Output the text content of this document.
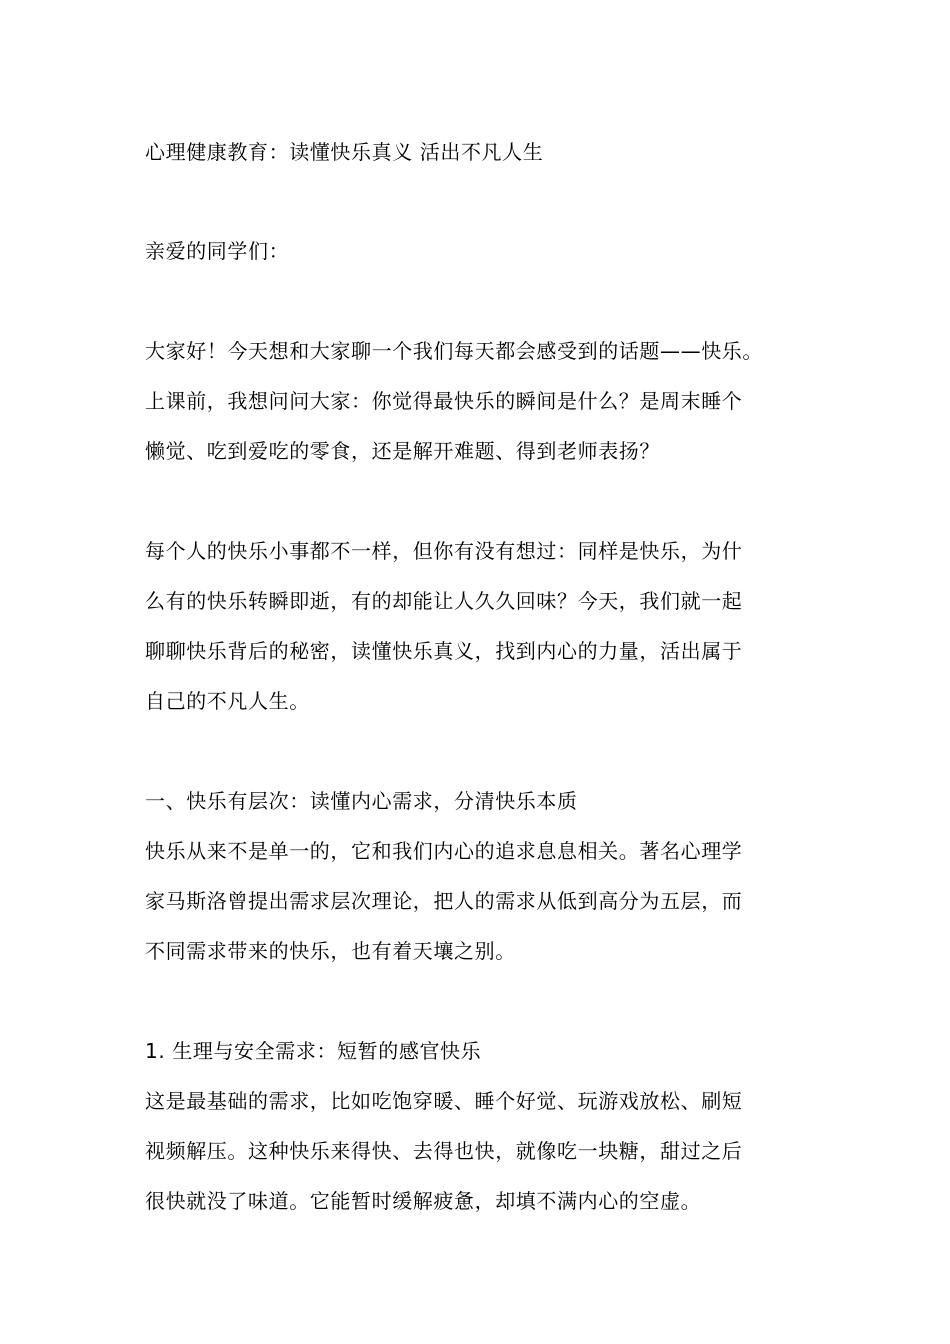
心理健康教育：读懂快乐真义 活出不凡人生
亲爱的同学们：
大家好！今天想和大家聊一个我们每天都会感受到的话题——快乐。
上课前，我想问问大家：你觉得最快乐的瞬间是什么？是周末睡个
懒觉、吃到爱吃的零食，还是解开难题、得到老师表扬？
每个人的快乐小事都不一样，但你有没有想过：同样是快乐，为什
么有的快乐转瞬即逝，有的却能让人久久回味？今天，我们就一起
聊聊快乐背后的秘密，读懂快乐真义，找到内心的力量，活出属于
自己的不凡人生。
一、快乐有层次：读懂内心需求，分清快乐本质
快乐从来不是单一的，它和我们内心的追求息息相关。著名心理学
家马斯洛曾提出需求层次理论，把人的需求从低到高分为五层，而
不同需求带来的快乐，也有着天壤之别。
1. 生理与安全需求：短暂的感官快乐
这是最基础的需求，比如吃饱穿暖、睡个好觉、玩游戏放松、刷短
视频解压。这种快乐来得快、去得也快，就像吃一块糖，甜过之后
很快就没了味道。它能暂时缓解疲惫，却填不满内心的空虚。
